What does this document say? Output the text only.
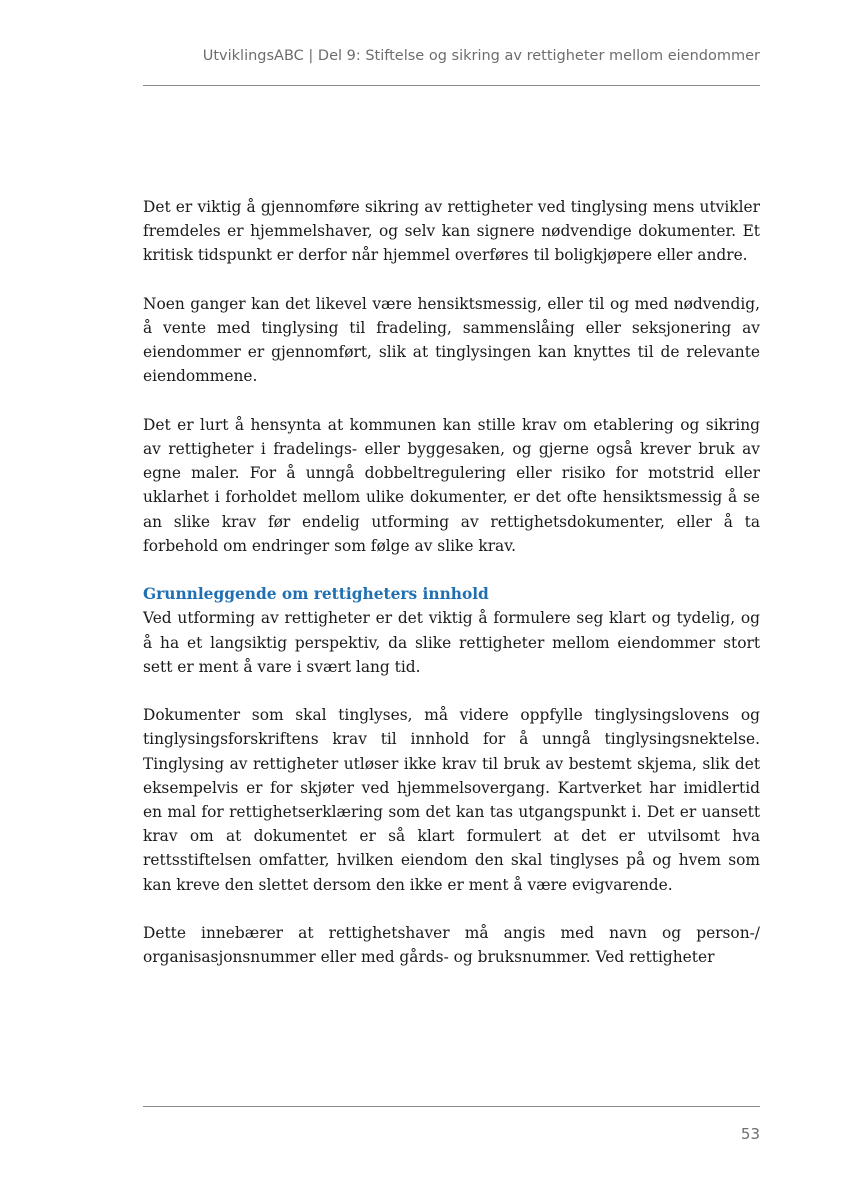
UtviklingsABC | Del 9: Stiftelse og sikring av rettigheter mellom eiendommer

Det er viktig å gjennomføre sikring av rettigheter ved tinglysing mens utvikler fremdeles er hjemmelshaver, og selv kan signere nødvendige dokumenter. Et kritisk tidspunkt er derfor når hjemmel overføres til boligkjøpere eller andre.

Noen ganger kan det likevel være hensiktsmessig, eller til og med nødvendig, å vente med tinglysing til fradeling, sammenslåing eller seksjonering av eiendommer er gjennomført, slik at tinglysingen kan knyttes til de relevante eiendommene.

Det er lurt å hensynta at kommunen kan stille krav om etablering og sikring av rettigheter i fradelings- eller byggesaken, og gjerne også krever bruk av egne maler. For å unngå dobbeltregulering eller risiko for motstrid eller uklarhet i forholdet mellom ulike dokumenter, er det ofte hensiktsmessig å se an slike krav før endelig utforming av rettighetsdokumenter, eller å ta forbehold om endringer som følge av slike krav.

Grunnleggende om rettigheters innhold

Ved utforming av rettigheter er det viktig å formulere seg klart og tydelig, og å ha et langsiktig perspektiv, da slike rettigheter mellom eiendommer stort sett er ment å vare i svært lang tid.

Dokumenter som skal tinglyses, må videre oppfylle tinglysingslovens og tinglysingsforskriftens krav til innhold for å unngå tinglysingsnektelse. Tinglysing av rettigheter utløser ikke krav til bruk av bestemt skjema, slik det eksempelvis er for skjøter ved hjemmelsovergang. Kartverket har imidlertid en mal for rettighetserklæring som det kan tas utgangspunkt i. Det er uansett krav om at dokumentet er så klart formulert at det er utvilsomt hva rettsstiftelsen omfatter, hvilken eiendom den skal tinglyses på og hvem som kan kreve den slettet dersom den ikke er ment å være evigvarende.

Dette innebærer at rettighetshaver må angis med navn og person-/ organisasjonsnummer eller med gårds- og bruksnummer. Ved rettigheter

53
